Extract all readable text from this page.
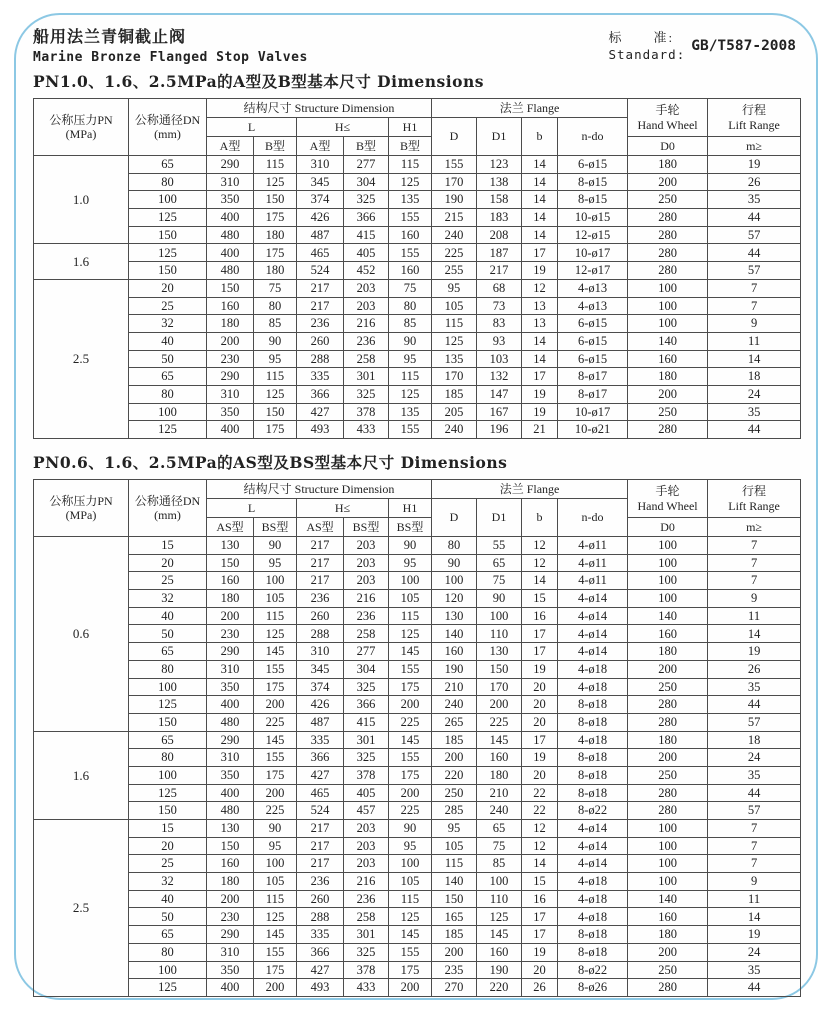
船用法兰青铜截止阀
Marine Bronze Flanged Stop Valves
标　　准:
Standard: GB/T587-2008
PN1.0、1.6、2.5MPa的A型及B型基本尺寸 Dimensions
公称压力PN
(MPa)	公称通径DN
(mm)	结构尺寸 Structure Dimension					法兰 Flange				手轮
Hand Wheel	行程
Lift Range

		L		H≤		H1	D	D1	b	n-do		
		A型	B型	A型	B型	B型					D0	m≥
1.0	65	290	115	310	277	115	155	123	14	6-ø15	180	19
	80	310	125	345	304	125	170	138	14	8-ø15	200	26
	100	350	150	374	325	135	190	158	14	8-ø15	250	35
	125	400	175	426	366	155	215	183	14	10-ø15	280	44
	150	480	180	487	415	160	240	208	14	12-ø15	280	57
1.6	125	400	175	465	405	155	225	187	17	10-ø17	280	44
	150	480	180	524	452	160	255	217	19	12-ø17	280	57
2.5	20	150	75	217	203	75	95	68	12	4-ø13	100	7
	25	160	80	217	203	80	105	73	13	4-ø13	100	7
	32	180	85	236	216	85	115	83	13	6-ø15	100	9
	40	200	90	260	236	90	125	93	14	6-ø15	140	11
	50	230	95	288	258	95	135	103	14	6-ø15	160	14
	65	290	115	335	301	115	170	132	17	8-ø17	180	18
	80	310	125	366	325	125	185	147	19	8-ø17	200	24
	100	350	150	427	378	135	205	167	19	10-ø17	250	35
	125	400	175	493	433	155	240	196	21	10-ø21	280	44
PN0.6、1.6、2.5MPa的AS型及BS型基本尺寸 Dimensions
公称压力PN
(MPa)	公称通径DN
(mm)	结构尺寸 Structure Dimension					法兰 Flange				手轮
Hand Wheel	行程
Lift Range

		L		H≤		H1	D	D1	b	n-do		
		AS型	BS型	AS型	BS型	BS型					D0	m≥
0.6	15	130	90	217	203	90	80	55	12	4-ø11	100	7
	20	150	95	217	203	95	90	65	12	4-ø11	100	7
	25	160	100	217	203	100	100	75	14	4-ø11	100	7
	32	180	105	236	216	105	120	90	15	4-ø14	100	9
	40	200	115	260	236	115	130	100	16	4-ø14	140	11
	50	230	125	288	258	125	140	110	17	4-ø14	160	14
	65	290	145	310	277	145	160	130	17	4-ø14	180	19
	80	310	155	345	304	155	190	150	19	4-ø18	200	26
	100	350	175	374	325	175	210	170	20	4-ø18	250	35
	125	400	200	426	366	200	240	200	20	8-ø18	280	44
	150	480	225	487	415	225	265	225	20	8-ø18	280	57
1.6	65	290	145	335	301	145	185	145	17	4-ø18	180	18
	80	310	155	366	325	155	200	160	19	8-ø18	200	24
	100	350	175	427	378	175	220	180	20	8-ø18	250	35
	125	400	200	465	405	200	250	210	22	8-ø18	280	44
	150	480	225	524	457	225	285	240	22	8-ø22	280	57
2.5	15	130	90	217	203	90	95	65	12	4-ø14	100	7
	20	150	95	217	203	95	105	75	12	4-ø14	100	7
	25	160	100	217	203	100	115	85	14	4-ø14	100	7
	32	180	105	236	216	105	140	100	15	4-ø18	100	9
	40	200	115	260	236	115	150	110	16	4-ø18	140	11
	50	230	125	288	258	125	165	125	17	4-ø18	160	14
	65	290	145	335	301	145	185	145	17	8-ø18	180	19
	80	310	155	366	325	155	200	160	19	8-ø18	200	24
	100	350	175	427	378	175	235	190	20	8-ø22	250	35
	125	400	200	493	433	200	270	220	26	8-ø26	280	44
